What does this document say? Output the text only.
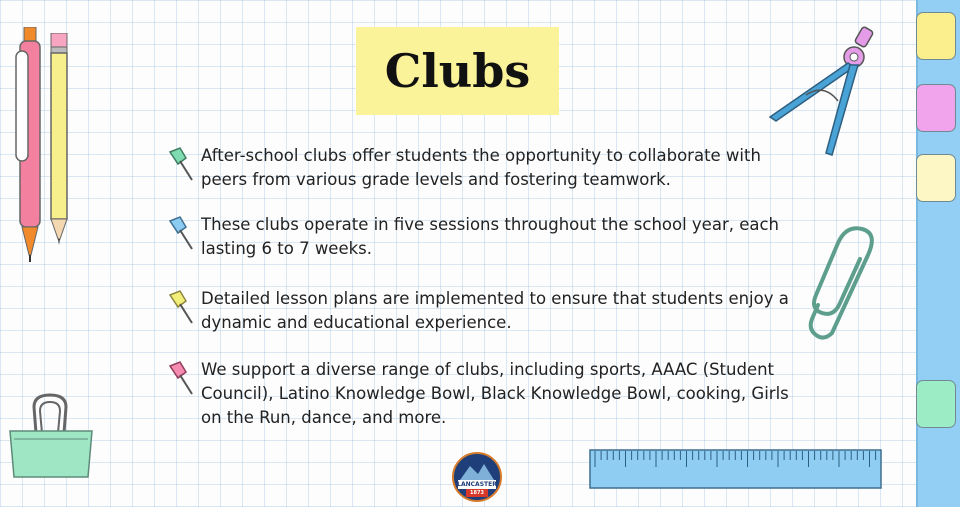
Clubs
After-school clubs offer students the opportunity to collaborate with peers from various grade levels and fostering teamwork.
These clubs operate in five sessions throughout the school year, each lasting 6 to 7 weeks.
Detailed lesson plans are implemented to ensure that students enjoy a dynamic and educational experience.
We support a diverse range of clubs, including sports, AAAC (Student Council), Latino Knowledge Bowl, Black Knowledge Bowl, cooking, Girls on the Run, dance, and more.
LANCASTER
1873
